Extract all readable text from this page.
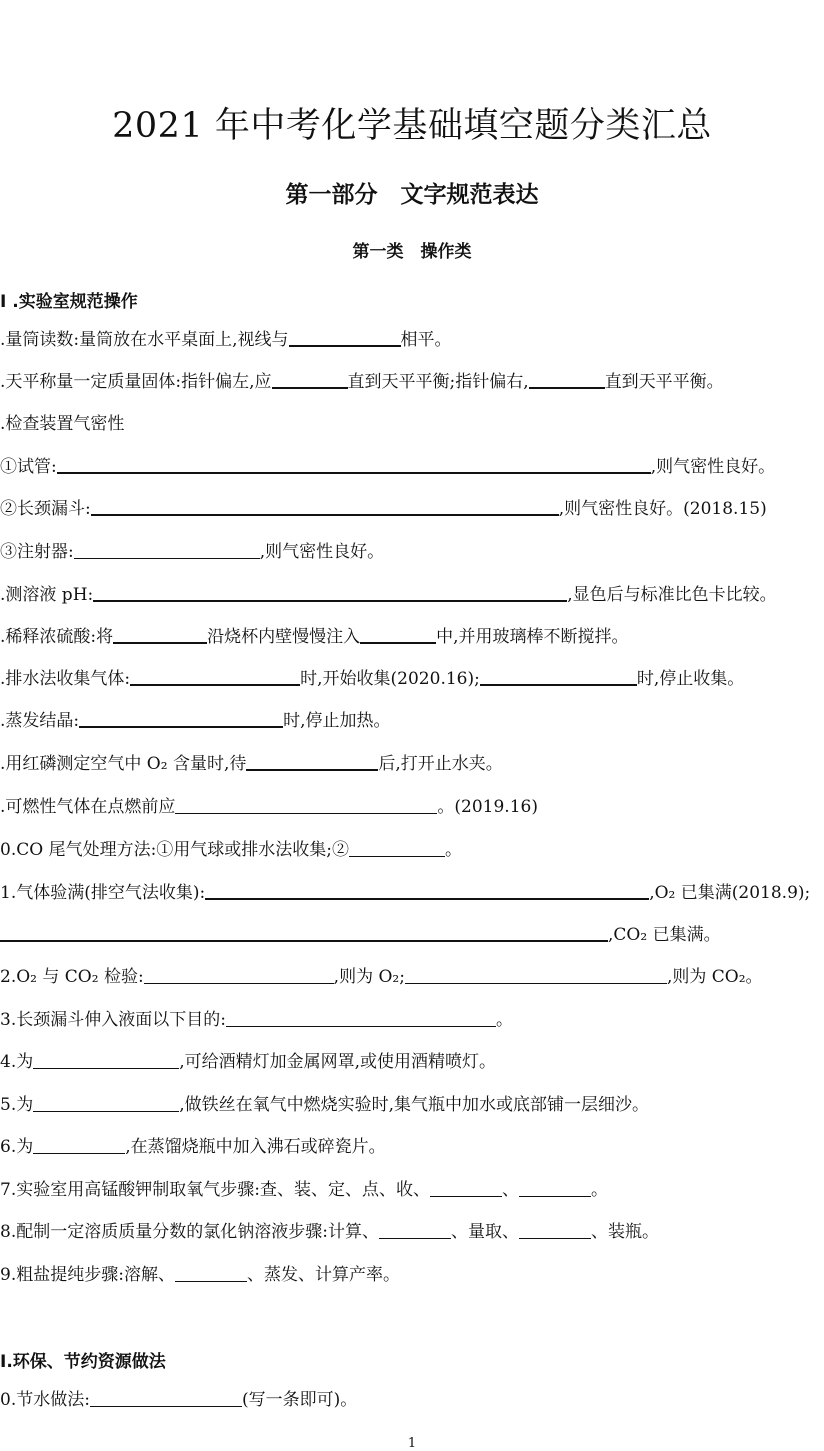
2021 年中考化学基础填空题分类汇总
第一部分　文字规范表达
第一类　操作类
I .实验室规范操作
.量筒读数:量筒放在水平桌面上,视线与	相平。
.天平称量一定质量固体:指针偏左,应	直到天平平衡;指针偏右,	直到天平平衡。
.检查装置气密性
①试管:	,则气密性良好。
②长颈漏斗:	,则气密性良好。(2018.15)
③注射器:	,则气密性良好。
.测溶液 pH:	,显色后与标准比色卡比较。
.稀释浓硫酸:将	沿烧杯内壁慢慢注入	中,并用玻璃棒不断搅拌。
.排水法收集气体:	时,开始收集(2020.16);	时,停止收集。
.蒸发结晶:	时,停止加热。
.用红磷测定空气中 O₂ 含量时,待	后,打开止水夹。
.可燃性气体在点燃前应	。(2019.16)
0.CO 尾气处理方法:①用气球或排水法收集;②	。
1.气体验满(排空气法收集):	,O₂ 已集满(2018.9);
,CO₂ 已集满。
2.O₂ 与 CO₂ 检验:	,则为 O₂;	,则为 CO₂。
3.长颈漏斗伸入液面以下目的:	。
4.为	,可给酒精灯加金属网罩,或使用酒精喷灯。
5.为	,做铁丝在氧气中燃烧实验时,集气瓶中加水或底部铺一层细沙。
6.为	,在蒸馏烧瓶中加入沸石或碎瓷片。
7.实验室用高锰酸钾制取氧气步骤:查、装、定、点、收、	、	。
8.配制一定溶质质量分数的氯化钠溶液步骤:计算、	、量取、	、装瓶。
9.粗盐提纯步骤:溶解、	、蒸发、计算产率。
I.环保、节约资源做法
0.节水做法:	(写一条即可)。
1
